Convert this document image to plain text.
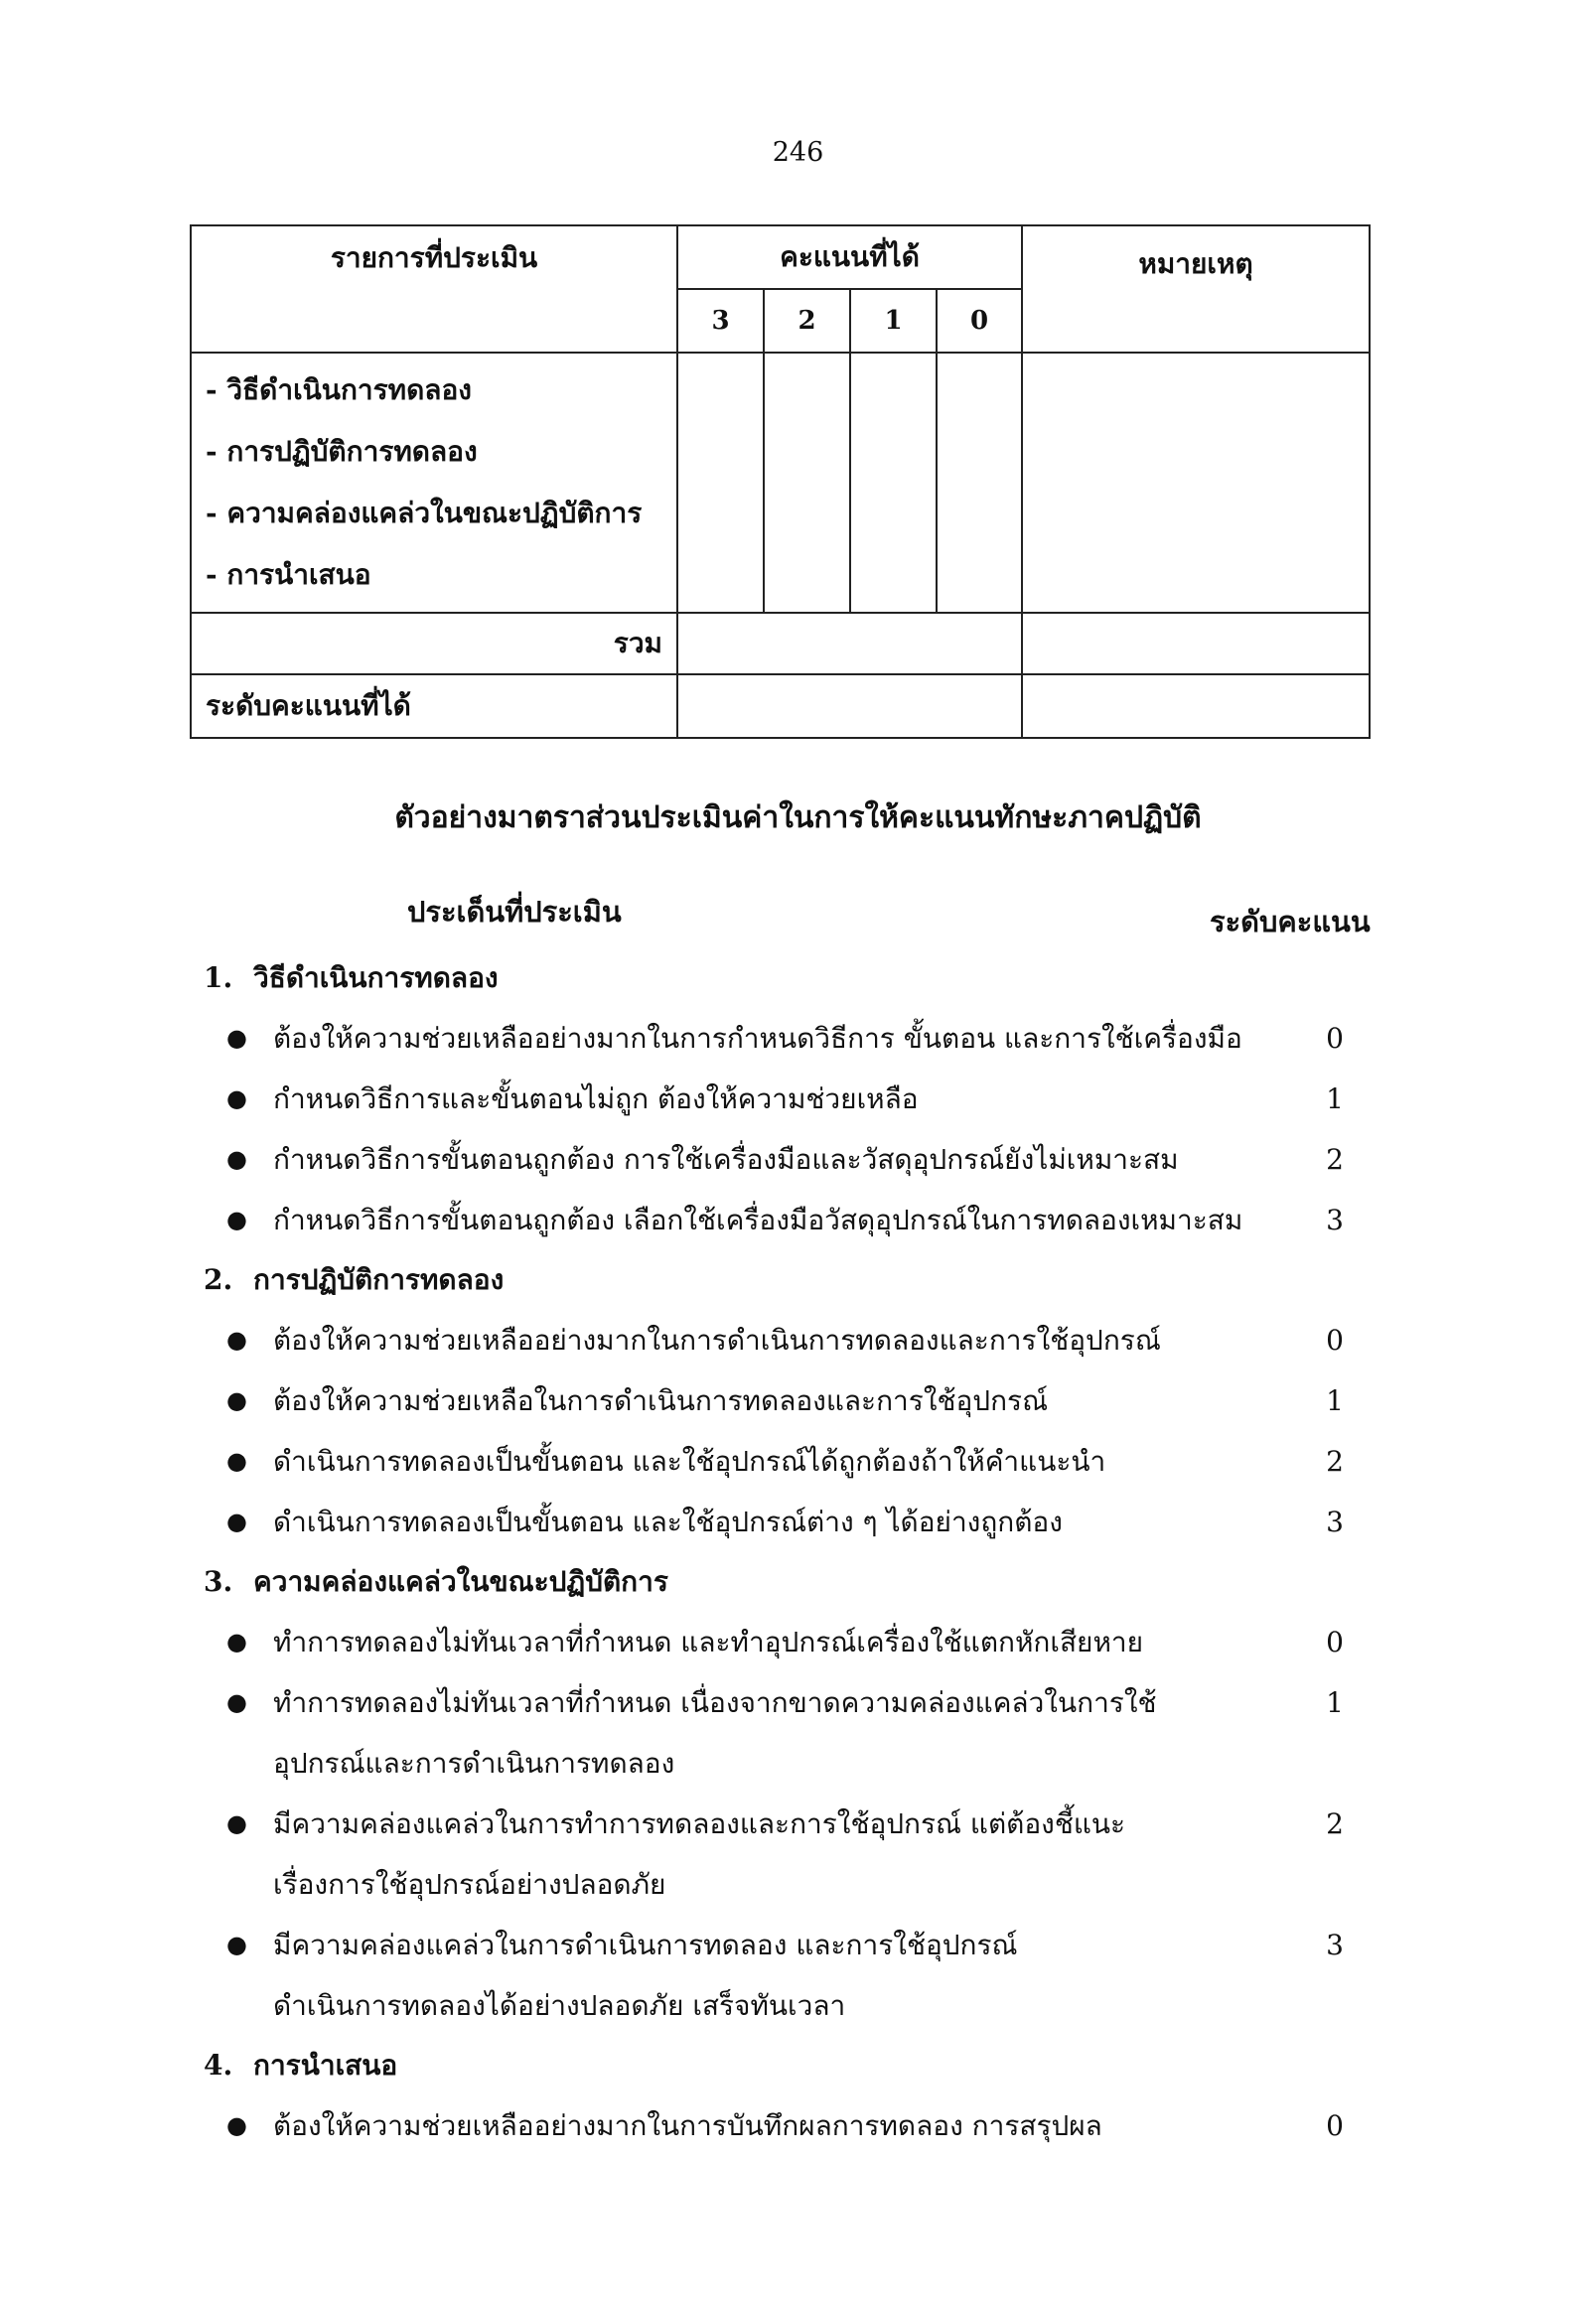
246
รายการที่ประเมิน	คะแนนที่ได้				หมายเหตุ
	3	2	1	0	

- วิธีดำเนินการทดลอง
- การปฏิบัติการทดลอง
- ความคล่องแคล่วในขณะปฏิบัติการ
- การนำเสนอ					

รวม					
ระดับคะแนนที่ได้					
ตัวอย่างมาตราส่วนประเมินค่าในการให้คะแนนทักษะภาคปฏิบัติ
ประเด็นที่ประเมิน	ระดับคะแนน
1. วิธีดำเนินการทดลอง
● ต้องให้ความช่วยเหลืออย่างมากในการกำหนดวิธีการ ขั้นตอน และการใช้เครื่องมือ	0
● กำหนดวิธีการและขั้นตอนไม่ถูก ต้องให้ความช่วยเหลือ	1
● กำหนดวิธีการขั้นตอนถูกต้อง การใช้เครื่องมือและวัสดุอุปกรณ์ยังไม่เหมาะสม	2
● กำหนดวิธีการขั้นตอนถูกต้อง เลือกใช้เครื่องมือวัสดุอุปกรณ์ในการทดลองเหมาะสม	3
2. การปฏิบัติการทดลอง
● ต้องให้ความช่วยเหลืออย่างมากในการดำเนินการทดลองและการใช้อุปกรณ์	0
● ต้องให้ความช่วยเหลือในการดำเนินการทดลองและการใช้อุปกรณ์	1
● ดำเนินการทดลองเป็นขั้นตอน และใช้อุปกรณ์ได้ถูกต้องถ้าให้คำแนะนำ	2
● ดำเนินการทดลองเป็นขั้นตอน และใช้อุปกรณ์ต่าง ๆ ได้อย่างถูกต้อง	3
3. ความคล่องแคล่วในขณะปฏิบัติการ
● ทำการทดลองไม่ทันเวลาที่กำหนด และทำอุปกรณ์เครื่องใช้แตกหักเสียหาย	0
● ทำการทดลองไม่ทันเวลาที่กำหนด เนื่องจากขาดความคล่องแคล่วในการใช้
อุปกรณ์และการดำเนินการทดลอง
1
● มีความคล่องแคล่วในการทำการทดลองและการใช้อุปกรณ์ แต่ต้องชี้แนะ
เรื่องการใช้อุปกรณ์อย่างปลอดภัย
2
● มีความคล่องแคล่วในการดำเนินการทดลอง และการใช้อุปกรณ์
ดำเนินการทดลองได้อย่างปลอดภัย เสร็จทันเวลา
3
4. การนำเสนอ
● ต้องให้ความช่วยเหลืออย่างมากในการบันทึกผลการทดลอง การสรุปผล	0
